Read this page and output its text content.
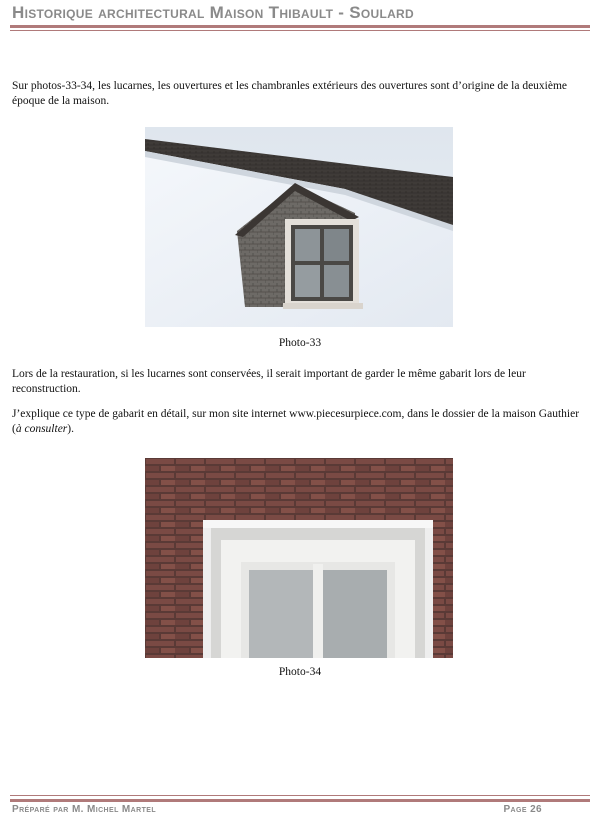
Historique architectural Maison Thibault - Soulard

Sur photos-33-34, les lucarnes, les ouvertures et les chambranles extérieurs des ouvertures sont d’origine de la deuxième époque de la maison.

Photo-33

Lors de la restauration, si les lucarnes sont conservées, il serait important de garder le même gabarit lors de leur reconstruction.

J’explique ce type de gabarit en détail, sur mon site internet www.piecesurpiece.com, dans le dossier de la maison Gauthier (à consulter).

Photo-34
Préparé par M. Michel Martel	Page 26
